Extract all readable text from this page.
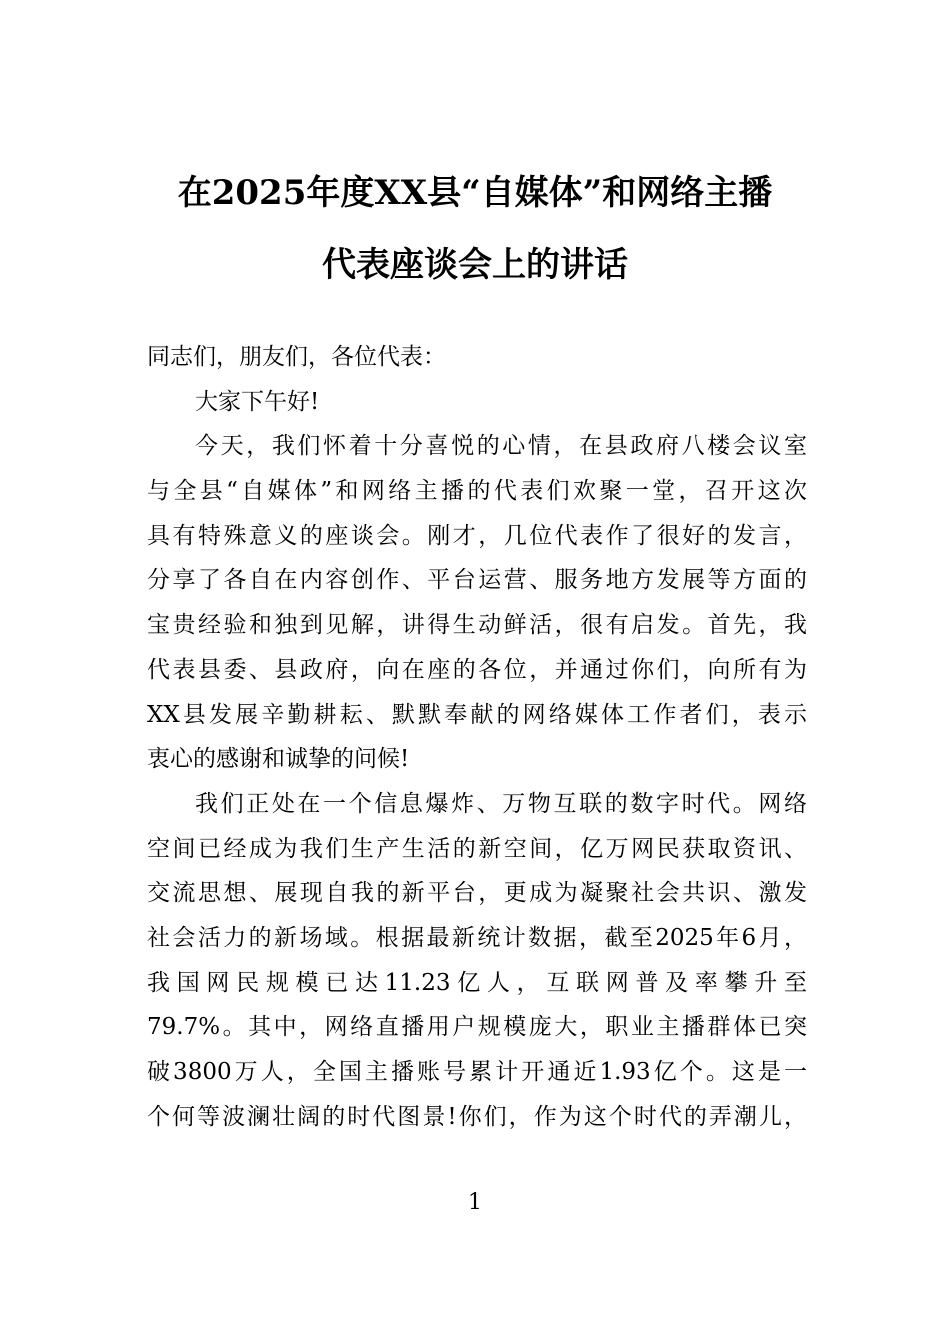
在2025年度XX县“自媒体”和网络主播
代表座谈会上的讲话
同志们，朋友们，各位代表：
大家下午好!
今天，我们怀着十分喜悦的心情，在县政府八楼会议室
与全县“自媒体”和网络主播的代表们欢聚一堂，召开这次
具有特殊意义的座谈会。刚才，几位代表作了很好的发言，
分享了各自在内容创作、平台运营、服务地方发展等方面的
宝贵经验和独到见解，讲得生动鲜活，很有启发。首先，我
代表县委、县政府，向在座的各位，并通过你们，向所有为
XX县发展辛勤耕耘、默默奉献的网络媒体工作者们，表示
衷心的感谢和诚挚的问候!
我们正处在一个信息爆炸、万物互联的数字时代。网络
空间已经成为我们生产生活的新空间，亿万网民获取资讯、
交流思想、展现自我的新平台，更成为凝聚社会共识、激发
社会活力的新场域。根据最新统计数据，截至2025年6月，
我国网民规模已达11.23亿人，互联网普及率攀升至
79.7%。其中，网络直播用户规模庞大，职业主播群体已突
破3800万人，全国主播账号累计开通近1.93亿个。这是一
个何等波澜壮阔的时代图景!你们，作为这个时代的弄潮儿，
1
